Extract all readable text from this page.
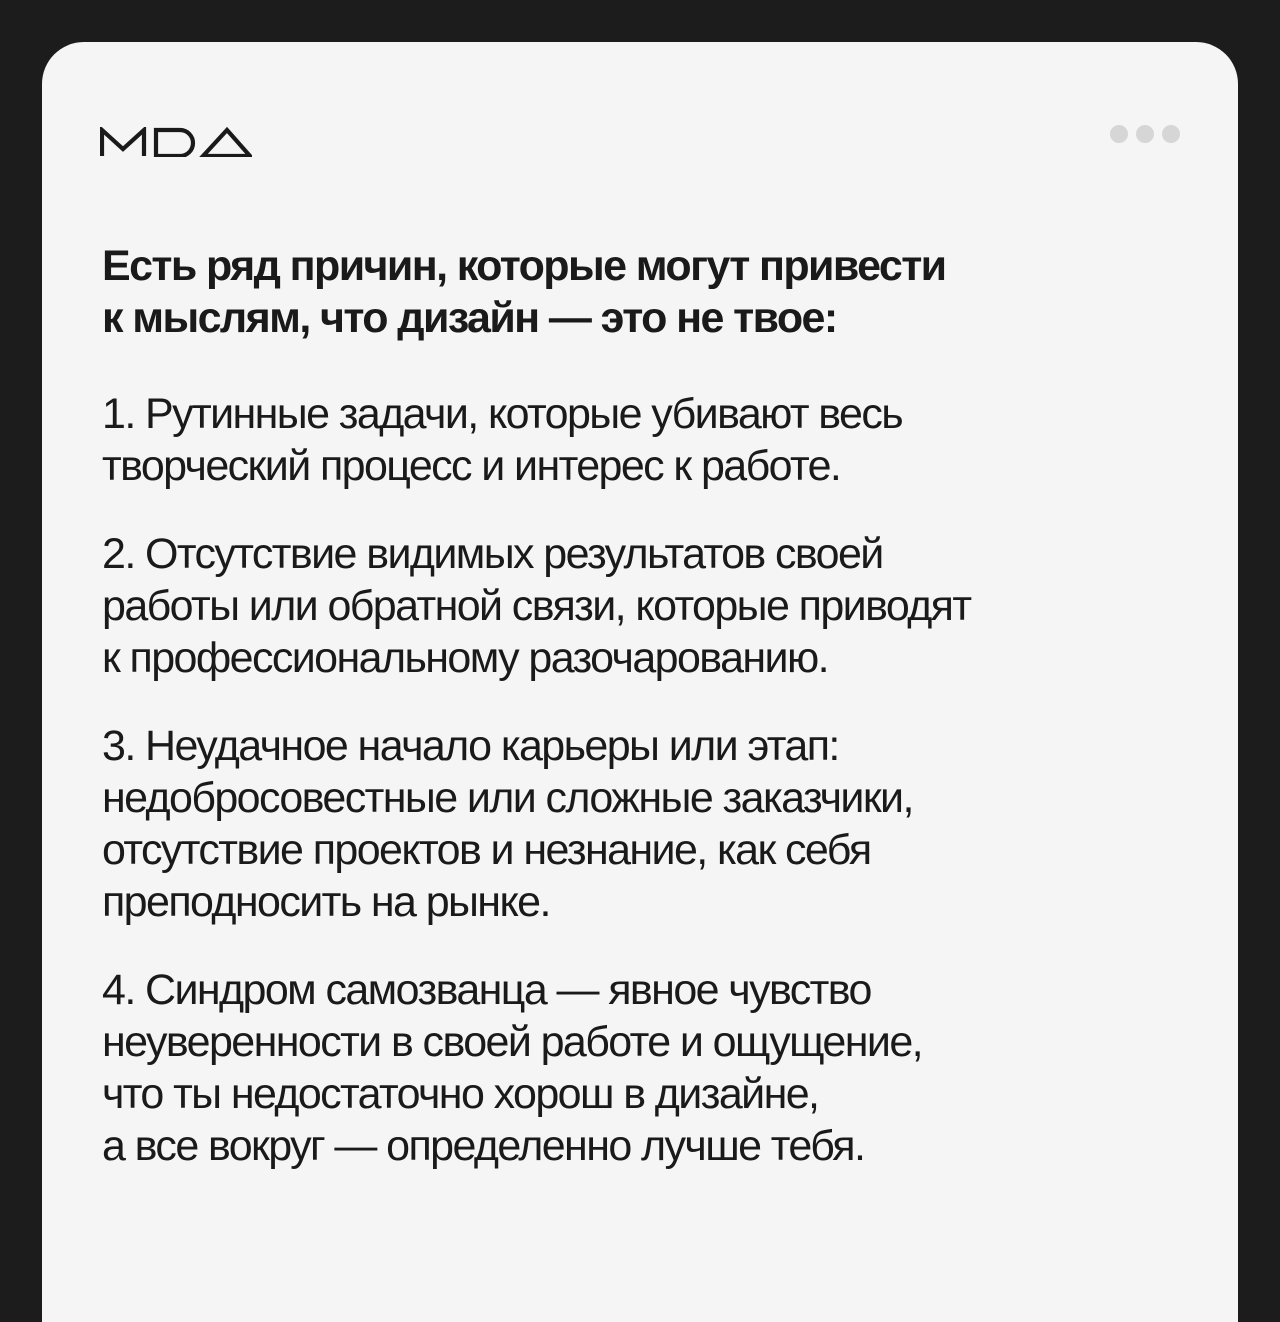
Есть ряд причин, которые могут привести
к мыслям, что дизайн — это не твое:

1. Рутинные задачи, которые убивают весь
творческий процесс и интерес к работе.

2. Отсутствие видимых результатов своей
работы или обратной связи, которые приводят
к профессиональному разочарованию.

3. Неудачное начало карьеры или этап:
недобросовестные или сложные заказчики,
отсутствие проектов и незнание, как себя
преподносить на рынке.

4. Синдром самозванца — явное чувство
неуверенности в своей работе и ощущение,
что ты недостаточно хорош в дизайне,
а все вокруг — определенно лучше тебя.
